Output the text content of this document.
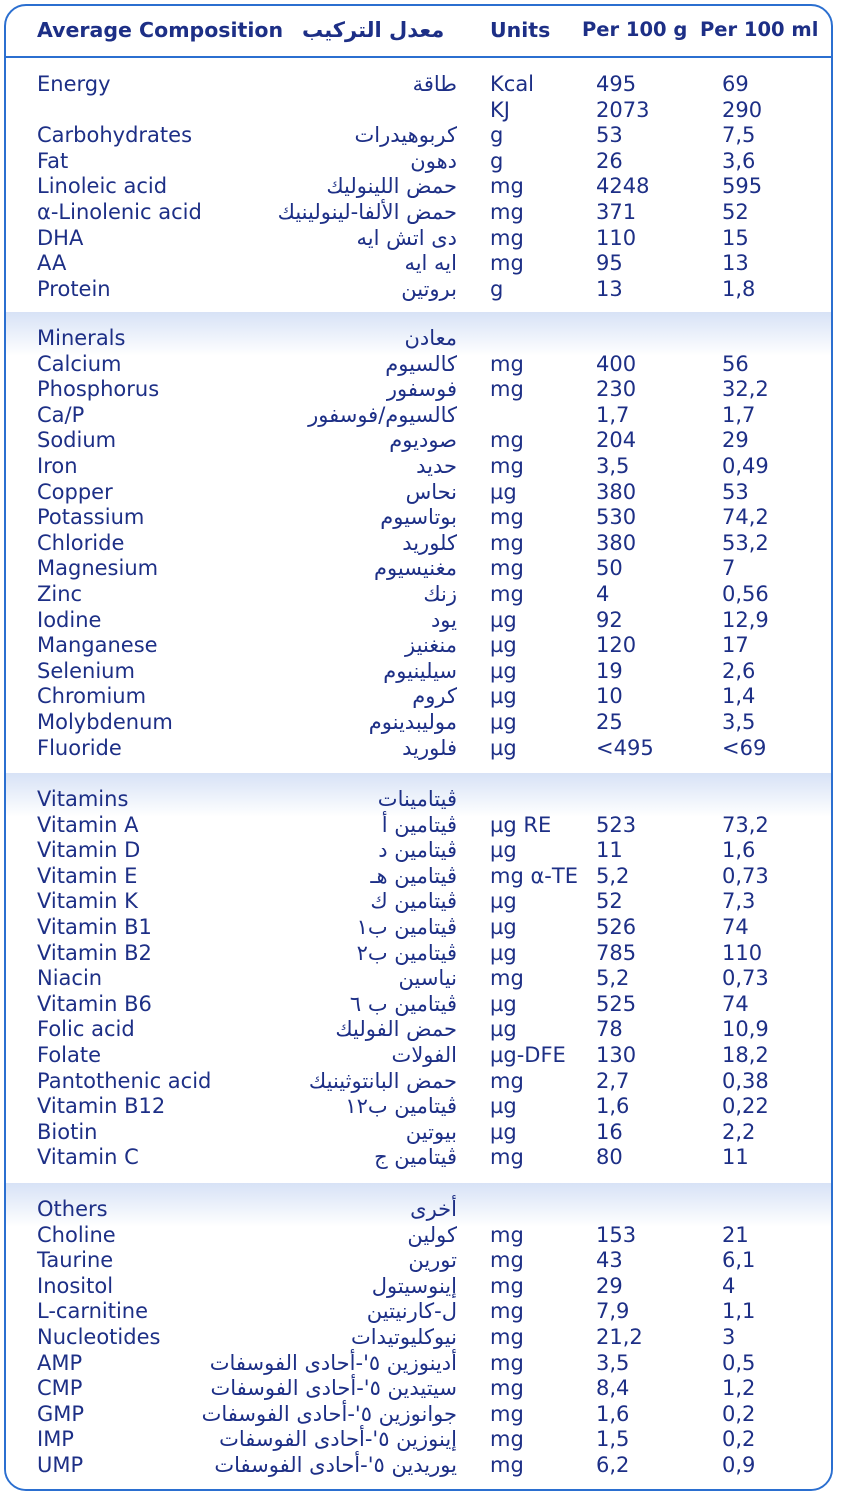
Average Composition معدل التركيب Units Per 100 g Per 100 ml
Energy	طاقة Kcal	495	69
KJ	2073	290
Carbohydrates	كربوهيدرات g	53	7,5
Fat	دهون g	26	3,6
Linoleic acid	حمض اللينوليك mg	4248	595
α-Linolenic acid	حمض الألفا-لينولينيك mg	371	52
DHA	دى اتش ايه mg	110	15
AA	ايه ايه mg	95	13
Protein	بروتين g	13	1,8
Minerals	معادن
Calcium	كالسيوم mg	400	56
Phosphorus	فوسفور mg	230	32,2
Ca/P	كالسيوم/فوسفور	1,7	1,7
Sodium	صوديوم mg	204	29
Iron	حديد mg	3,5	0,49
Copper	نحاس µg	380	53
Potassium	بوتاسيوم mg	530	74,2
Chloride	كلوريد mg	380	53,2
Magnesium	مغنيسيوم mg	50	7
Zinc	زنك mg	4	0,56
Iodine	يود µg	92	12,9
Manganese	منغنيز µg	120	17
Selenium	سيلينيوم µg	19	2,6
Chromium	كروم µg	10	1,4
Molybdenum	موليبدينوم µg	25	3,5
Fluoride	فلوريد µg	<495	<69
Vitamins	ڤيتامينات
Vitamin A	ڤيتامين أ µg RE 523	73,2
Vitamin D	ڤيتامين د µg	11	1,6
Vitamin E	ڤيتامين هـ mg α-TE 5,2	0,73
Vitamin K	ڤيتامين ك µg	52	7,3
Vitamin B1	ڤيتامين ب١ µg	526	74
Vitamin B2	ڤيتامين ب٢ µg	785	110
Niacin	نياسين mg	5,2	0,73
Vitamin B6	ڤيتامين ب ٦ µg	525	74
Folic acid	حمض الفوليك µg	78	10,9
Folate	الفولات µg-DFE 130	18,2
Pantothenic acid	حمض البانتوثينيك mg	2,7	0,38
Vitamin B12	ڤيتامين ب١٢ µg	1,6	0,22
Biotin	بيوتين µg	16	2,2
Vitamin C	ڤيتامين ج mg	80	11
Others	أخرى
Choline	كولين mg	153	21
Taurine	تورين mg	43	6,1
Inositol	إينوسيتول mg	29	4
L-carnitine	ل-كارنيتين mg	7,9	1,1
Nucleotides	نيوكليوتيدات mg	21,2	3
AMP	أدينوزين ٥'-أحادى الفوسفات mg	3,5	0,5
CMP	سيتيدين ٥'-أحادى الفوسفات mg	8,4	1,2
GMP	جوانوزين ٥'-أحادى الفوسفات mg	1,6	0,2
IMP	إينوزين ٥'-أحادى الفوسفات mg	1,5	0,2
UMP	يوريدين ٥'-أحادى الفوسفات mg	6,2	0,9
